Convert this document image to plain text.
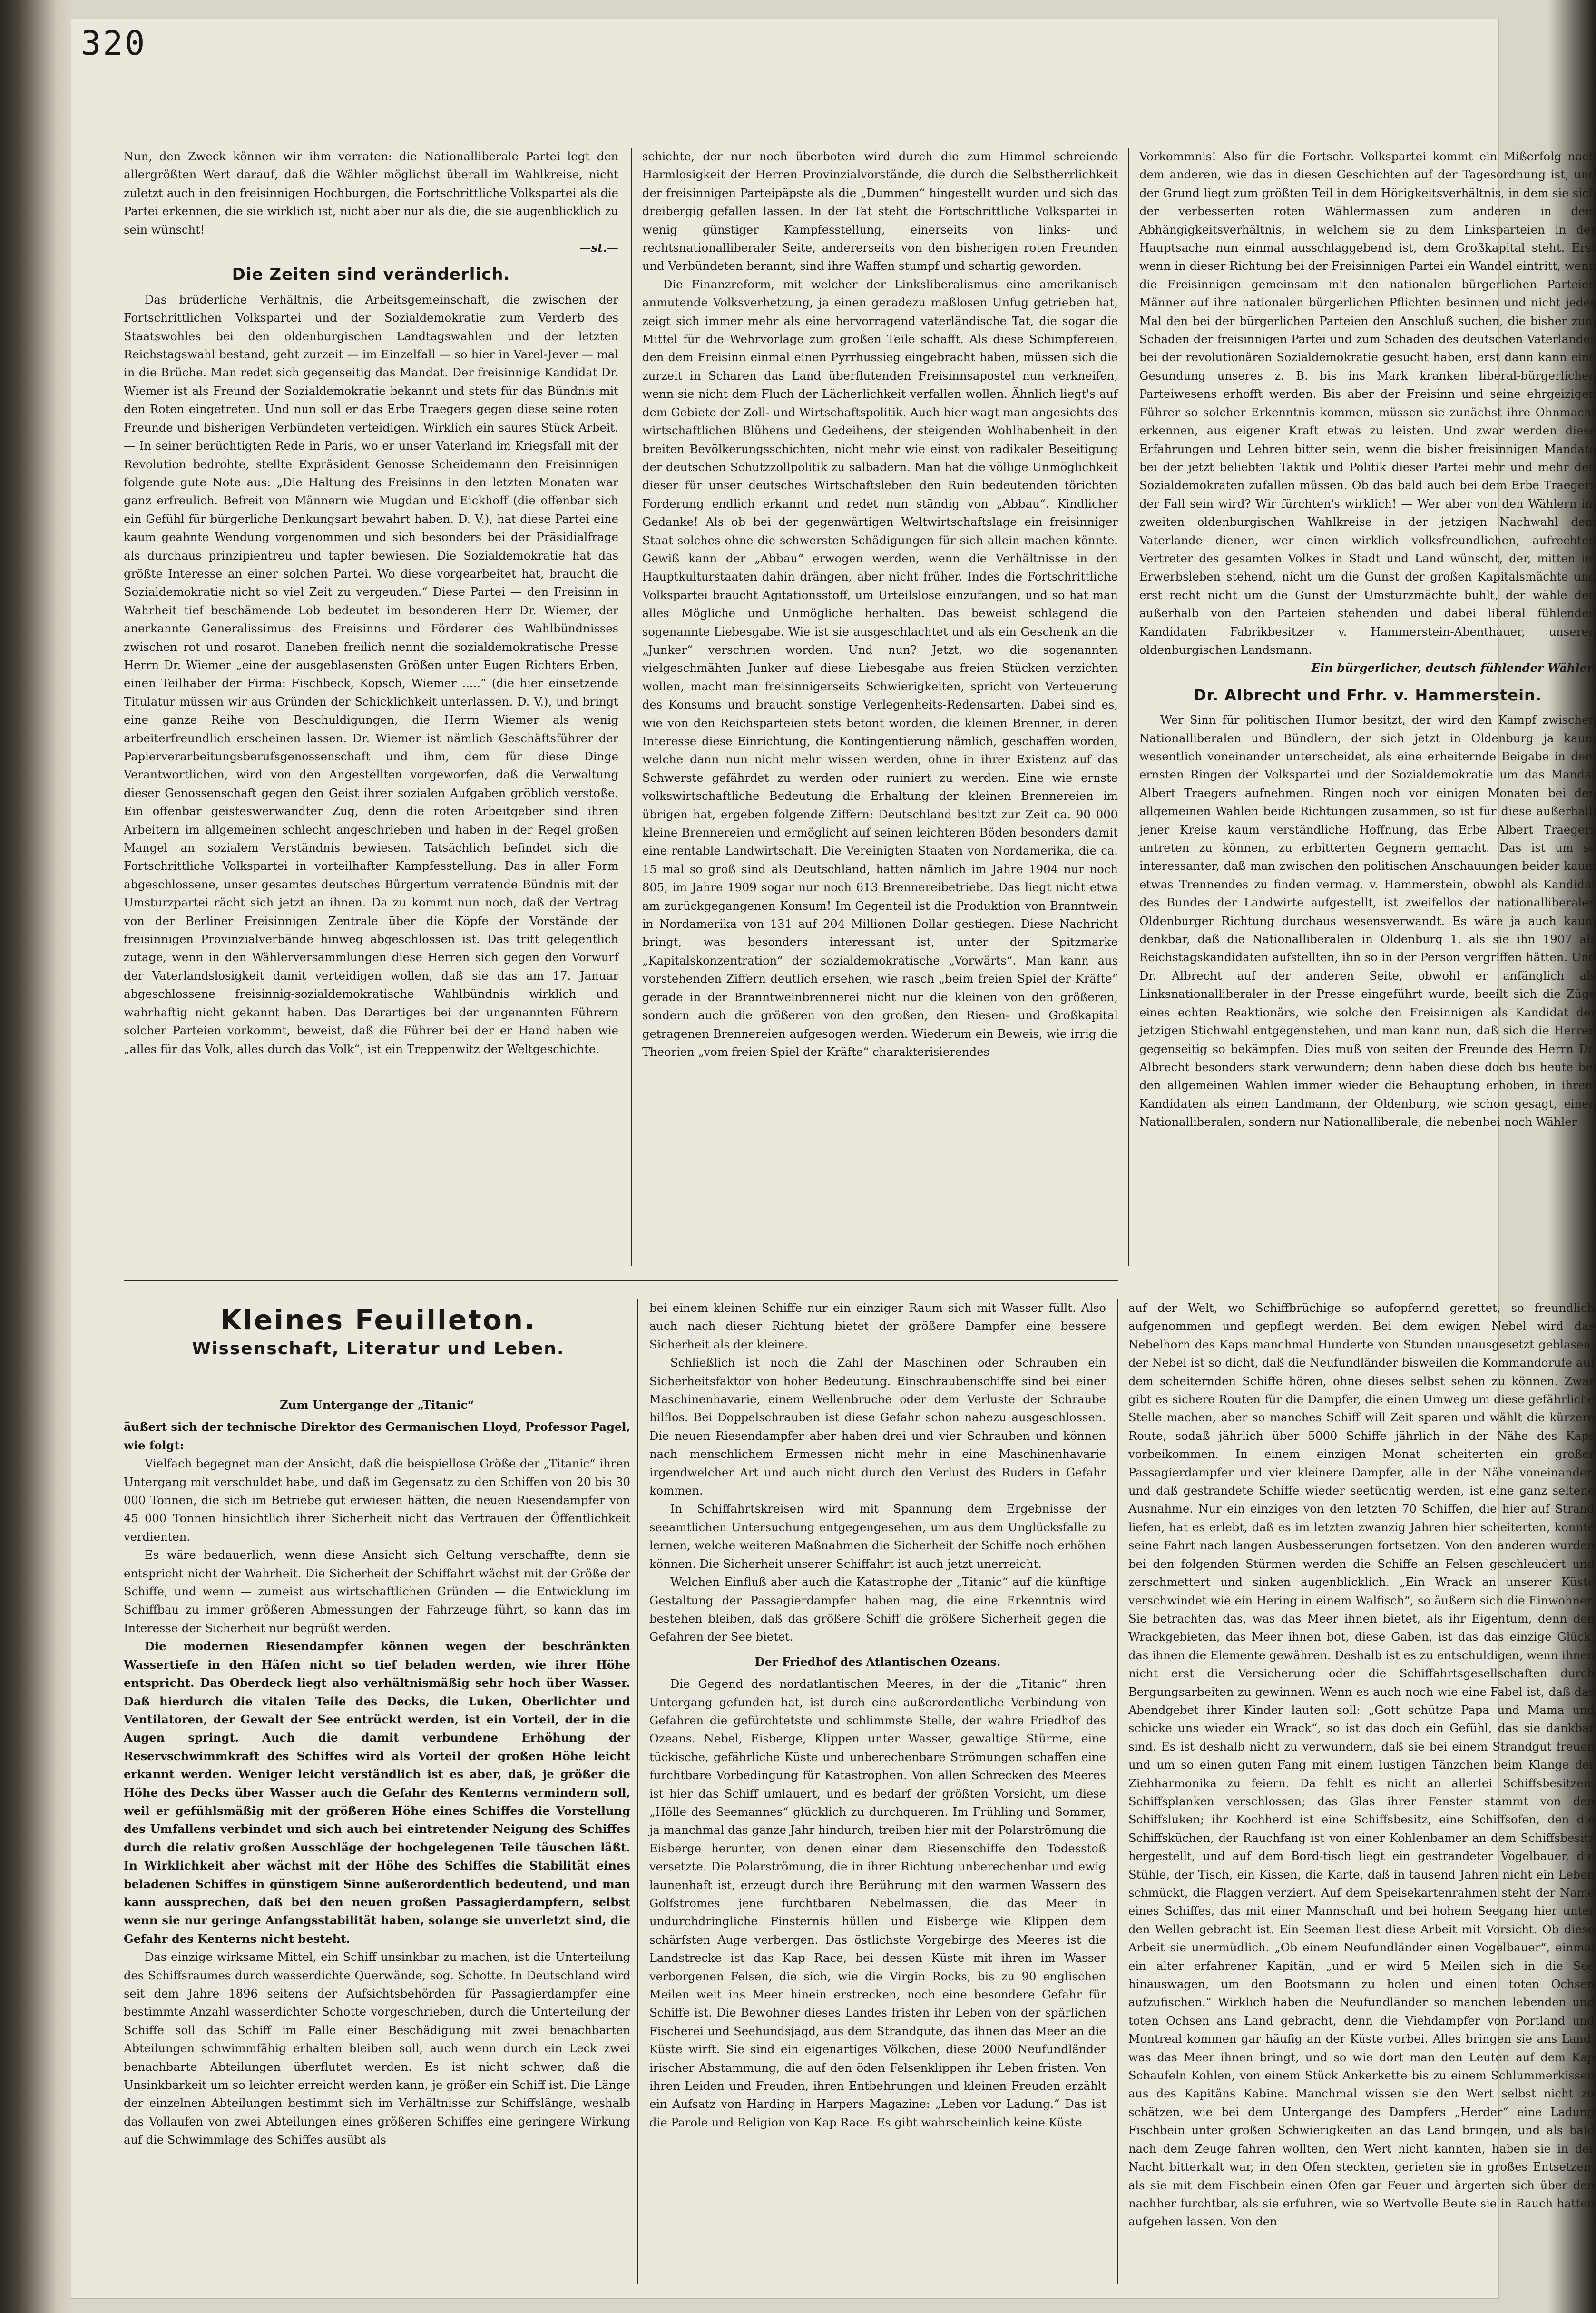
320

Nun, den Zweck können wir ihm verraten: die Nationalliberale Partei legt den allergrößten Wert darauf, daß die Wähler möglichst überall im Wahlkreise, nicht zuletzt auch in den freisinnigen Hochburgen, die Fortschrittliche Volkspartei als die Partei erkennen, die sie wirklich ist, nicht aber nur als die, die sie augenblicklich zu sein wünscht!

—st.—
Die Zeiten sind veränderlich.

Das brüderliche Verhältnis, die Arbeitsgemeinschaft, die zwischen der Fortschrittlichen Volkspartei und der Sozialdemokratie zum Verderb des Staatswohles bei den oldenburgischen Landtagswahlen und der letzten Reichstagswahl bestand, geht zurzeit — im Einzelfall — so hier in Varel-Jever — mal in die Brüche. Man redet sich gegenseitig das Mandat. Der freisinnige Kandidat Dr. Wiemer ist als Freund der Sozialdemokratie bekannt und stets für das Bündnis mit den Roten eingetreten. Und nun soll er das Erbe Traegers gegen diese seine roten Freunde und bisherigen Verbündeten verteidigen. Wirklich ein saures Stück Arbeit. — In seiner berüchtigten Rede in Paris, wo er unser Vaterland im Kriegsfall mit der Revolution bedrohte, stellte Expräsident Genosse Scheidemann den Freisinnigen folgende gute Note aus: „Die Haltung des Freisinns in den letzten Monaten war ganz erfreulich. Befreit von Männern wie Mugdan und Eickhoff (die offenbar sich ein Gefühl für bürgerliche Denkungsart bewahrt haben. D. V.), hat diese Partei eine kaum geahnte Wendung vorgenommen und sich besonders bei der Präsidialfrage als durchaus prinzipientreu und tapfer bewiesen. Die Sozialdemokratie hat das größte Interesse an einer solchen Partei. Wo diese vorgearbeitet hat, braucht die Sozialdemokratie nicht so viel Zeit zu vergeuden.“ Diese Partei — den Freisinn in Wahrheit tief beschämende Lob bedeutet im besonderen Herr Dr. Wiemer, der anerkannte Generalissimus des Freisinns und Förderer des Wahlbündnisses zwischen rot und rosarot. Daneben freilich nennt die sozialdemokratische Presse Herrn Dr. Wiemer „eine der ausgeblasensten Größen unter Eugen Richters Erben, einen Teilhaber der Firma: Fischbeck, Kopsch, Wiemer .....“ (die hier einsetzende Titulatur müssen wir aus Gründen der Schicklichkeit unterlassen. D. V.), und bringt eine ganze Reihe von Beschuldigungen, die Herrn Wiemer als wenig arbeiterfreundlich erscheinen lassen. Dr. Wiemer ist nämlich Geschäftsführer der Papierverarbeitungsberufsgenossenschaft und ihm, dem für diese Dinge Verantwortlichen, wird von den Angestellten vorgeworfen, daß die Verwaltung dieser Genossenschaft gegen den Geist ihrer sozialen Aufgaben gröblich verstoße. Ein offenbar geisteswerwandter Zug, denn die roten Arbeitgeber sind ihren Arbeitern im allgemeinen schlecht angeschrieben und haben in der Regel großen Mangel an sozialem Verständnis bewiesen. Tatsächlich befindet sich die Fortschrittliche Volkspartei in vorteilhafter Kampfesstellung. Das in aller Form abgeschlossene, unser gesamtes deutsches Bürgertum verratende Bündnis mit der Umsturzpartei rächt sich jetzt an ihnen. Da zu kommt nun noch, daß der Vertrag von der Berliner Freisinnigen Zentrale über die Köpfe der Vorstände der freisinnigen Provinzialverbände hinweg abgeschlossen ist. Das tritt gelegentlich zutage, wenn in den Wählerversammlungen diese Herren sich gegen den Vorwurf der Vaterlandslosigkeit damit verteidigen wollen, daß sie das am 17. Januar abgeschlossene freisinnig-sozialdemokratische Wahlbündnis wirklich und wahrhaftig nicht gekannt haben. Das Derartiges bei der ungenannten Führern solcher Parteien vorkommt, beweist, daß die Führer bei der er Hand haben wie „alles für das Volk, alles durch das Volk“, ist ein Treppenwitz der Weltgeschichte.

schichte, der nur noch überboten wird durch die zum Himmel schreiende Harmlosigkeit der Herren Provinzialvorstände, die durch die Selbstherrlichkeit der freisinnigen Parteipäpste als die „Dummen“ hingestellt wurden und sich das dreibergig gefallen lassen. In der Tat steht die Fortschrittliche Volkspartei in wenig günstiger Kampfesstellung, einerseits von links- und rechtsnationalliberaler Seite, andererseits von den bisherigen roten Freunden und Verbündeten berannt, sind ihre Waffen stumpf und schartig geworden.

Die Finanzreform, mit welcher der Linksliberalismus eine amerikanisch anmutende Volksverhetzung, ja einen geradezu maßlosen Unfug getrieben hat, zeigt sich immer mehr als eine hervorragend vaterländische Tat, die sogar die Mittel für die Wehrvorlage zum großen Teile schafft. Als diese Schimpfereien, den dem Freisinn einmal einen Pyrrhussieg eingebracht haben, müssen sich die zurzeit in Scharen das Land überflutenden Freisinnsapostel nun verkneifen, wenn sie nicht dem Fluch der Lächerlichkeit verfallen wollen. Ähnlich liegt's auf dem Gebiete der Zoll- und Wirtschaftspolitik. Auch hier wagt man angesichts des wirtschaftlichen Blühens und Gedeihens, der steigenden Wohlhabenheit in den breiten Bevölkerungsschichten, nicht mehr wie einst von radikaler Beseitigung der deutschen Schutzzollpolitik zu salbadern. Man hat die völlige Unmöglichkeit dieser für unser deutsches Wirtschaftsleben den Ruin bedeutenden törichten Forderung endlich erkannt und redet nun ständig von „Abbau“. Kindlicher Gedanke! Als ob bei der gegenwärtigen Weltwirtschaftslage ein freisinniger Staat solches ohne die schwersten Schädigungen für sich allein machen könnte. Gewiß kann der „Abbau“ erwogen werden, wenn die Verhältnisse in den Hauptkulturstaaten dahin drängen, aber nicht früher. Indes die Fortschrittliche Volkspartei braucht Agitationsstoff, um Urteilslose einzufangen, und so hat man alles Mögliche und Unmögliche herhalten. Das beweist schlagend die sogenannte Liebesgabe. Wie ist sie ausgeschlachtet und als ein Geschenk an die „Junker“ verschrien worden. Und nun? Jetzt, wo die sogenannten vielgeschmähten Junker auf diese Liebesgabe aus freien Stücken verzichten wollen, macht man freisinnigerseits Schwierigkeiten, spricht von Verteuerung des Konsums und braucht sonstige Verlegenheits-Redensarten. Dabei sind es, wie von den Reichsparteien stets betont worden, die kleinen Brenner, in deren Interesse diese Einrichtung, die Kontingentierung nämlich, geschaffen worden, welche dann nun nicht mehr wissen werden, ohne in ihrer Existenz auf das Schwerste gefährdet zu werden oder ruiniert zu werden. Eine wie ernste volkswirtschaftliche Bedeutung die Erhaltung der kleinen Brennereien im übrigen hat, ergeben folgende Ziffern: Deutschland besitzt zur Zeit ca. 90 000 kleine Brennereien und ermöglicht auf seinen leichteren Böden besonders damit eine rentable Landwirtschaft. Die Vereinigten Staaten von Nordamerika, die ca. 15 mal so groß sind als Deutschland, hatten nämlich im Jahre 1904 nur noch 805, im Jahre 1909 sogar nur noch 613 Brennereibetriebe. Das liegt nicht etwa am zurückgegangenen Konsum! Im Gegenteil ist die Produktion von Branntwein in Nordamerika von 131 auf 204 Millionen Dollar gestiegen. Diese Nachricht bringt, was besonders interessant ist, unter der Spitzmarke „Kapitalskonzentration“ der sozialdemokratische „Vorwärts“. Man kann aus vorstehenden Ziffern deutlich ersehen, wie rasch „beim freien Spiel der Kräfte“ gerade in der Branntweinbrennerei nicht nur die kleinen von den größeren, sondern auch die größeren von den großen, den Riesen- und Großkapital getragenen Brennereien aufgesogen werden. Wiederum ein Beweis, wie irrig die Theorien „vom freien Spiel der Kräfte“ charakterisierendes

Vorkommnis! Also für die Fortschr. Volkspartei kommt ein Mißerfolg nach dem anderen, wie das in diesen Geschichten auf der Tagesordnung ist, und der Grund liegt zum größten Teil in dem Hörigkeitsverhältnis, in dem sie sich der verbesserten roten Wählermassen zum anderen in dem Abhängigkeitsverhältnis, in welchem sie zu dem Linksparteien in der Hauptsache nun einmal ausschlaggebend ist, dem Großkapital steht. Erst wenn in dieser Richtung bei der Freisinnigen Partei ein Wandel eintritt, wenn die Freisinnigen gemeinsam mit den nationalen bürgerlichen Parteien Männer auf ihre nationalen bürgerlichen Pflichten besinnen und nicht jedes Mal den bei der bürgerlichen Parteien den Anschluß suchen, die bisher zum Schaden der freisinnigen Partei und zum Schaden des deutschen Vaterlandes bei der revolutionären Sozialdemokratie gesucht haben, erst dann kann eine Gesundung unseres z. B. bis ins Mark kranken liberal-bürgerlichen Parteiwesens erhofft werden. Bis aber der Freisinn und seine ehrgeizigen Führer so solcher Erkenntnis kommen, müssen sie zunächst ihre Ohnmacht erkennen, aus eigener Kraft etwas zu leisten. Und zwar werden diese Erfahrungen und Lehren bitter sein, wenn die bisher freisinnigen Mandate bei der jetzt beliebten Taktik und Politik dieser Partei mehr und mehr den Sozialdemokraten zufallen müssen. Ob das bald auch bei dem Erbe Traegers der Fall sein wird? Wir fürchten's wirklich! — Wer aber von den Wählern im zweiten oldenburgischen Wahlkreise in der jetzigen Nachwahl dem Vaterlande dienen, wer einen wirklich volksfreundlichen, aufrechten Vertreter des gesamten Volkes in Stadt und Land wünscht, der, mitten im Erwerbsleben stehend, nicht um die Gunst der großen Kapitalsmächte und erst recht nicht um die Gunst der Umsturzmächte buhlt, der wähle den außerhalb von den Parteien stehenden und dabei liberal fühlenden Kandidaten Fabrikbesitzer v. Hammerstein-Abenthauer, unseren oldenburgischen Landsmann.

Ein bürgerlicher, deutsch fühlender Wähler.
Dr. Albrecht und Frhr. v. Hammerstein.

Wer Sinn für politischen Humor besitzt, der wird den Kampf zwischen Nationalliberalen und Bündlern, der sich jetzt in Oldenburg ja kaum wesentlich voneinander unterscheidet, als eine erheiternde Beigabe in dem ernsten Ringen der Volkspartei und der Sozialdemokratie um das Mandat Albert Traegers aufnehmen. Ringen noch vor einigen Monaten bei den allgemeinen Wahlen beide Richtungen zusammen, so ist für diese außerhalb jener Kreise kaum verständliche Hoffnung, das Erbe Albert Traegers antreten zu können, zu erbitterten Gegnern gemacht. Das ist um so interessanter, daß man zwischen den politischen Anschauungen beider kaum etwas Trennendes zu finden vermag. v. Hammerstein, obwohl als Kandidat des Bundes der Landwirte aufgestellt, ist zweifellos der nationalliberalen Oldenburger Richtung durchaus wesensverwandt. Es wäre ja auch kaum denkbar, daß die Nationalliberalen in Oldenburg 1. als sie ihn 1907 als Reichstagskandidaten aufstellten, ihn so in der Person vergriffen hätten. Und Dr. Albrecht auf der anderen Seite, obwohl er anfänglich als Linksnationalliberaler in der Presse eingeführt wurde, beeilt sich die Züge eines echten Reaktionärs, wie solche den Freisinnigen als Kandidat der jetzigen Stichwahl entgegenstehen, und man kann nun, daß sich die Herren gegenseitig so bekämpfen. Dies muß von seiten der Freunde des Herrn Dr. Albrecht besonders stark verwundern; denn haben diese doch bis heute bei den allgemeinen Wahlen immer wieder die Behauptung erhoben, in ihrem Kandidaten als einen Landmann, der Oldenburg, wie schon gesagt, einen Nationalliberalen, sondern nur Nationalliberale, die nebenbei noch Wähler

Kleines Feuilleton.
Wissenschaft, Literatur und Leben.
Zum Untergange der „Titanic“

äußert sich der technische Direktor des Germanischen Lloyd, Professor Pagel, wie folgt:

Vielfach begegnet man der Ansicht, daß die beispiellose Größe der „Titanic“ ihren Untergang mit verschuldet habe, und daß im Gegensatz zu den Schiffen von 20 bis 30 000 Tonnen, die sich im Betriebe gut erwiesen hätten, die neuen Riesendampfer von 45 000 Tonnen hinsichtlich ihrer Sicherheit nicht das Vertrauen der Öffentlichkeit verdienten.

Es wäre bedauerlich, wenn diese Ansicht sich Geltung verschaffte, denn sie entspricht nicht der Wahrheit. Die Sicherheit der Schiffahrt wächst mit der Größe der Schiffe, und wenn — zumeist aus wirtschaftlichen Gründen — die Entwicklung im Schiffbau zu immer größeren Abmessungen der Fahrzeuge führt, so kann das im Interesse der Sicherheit nur begrüßt werden.

Die modernen Riesendampfer können wegen der beschränkten Wassertiefe in den Häfen nicht so tief beladen werden, wie ihrer Höhe entspricht. Das Oberdeck liegt also verhältnismäßig sehr hoch über Wasser. Daß hierdurch die vitalen Teile des Decks, die Luken, Oberlichter und Ventilatoren, der Gewalt der See entrückt werden, ist ein Vorteil, der in die Augen springt. Auch die damit verbundene Erhöhung der Reservschwimmkraft des Schiffes wird als Vorteil der großen Höhe leicht erkannt werden. Weniger leicht verständlich ist es aber, daß, je größer die Höhe des Decks über Wasser auch die Gefahr des Kenterns vermindern soll, weil er gefühlsmäßig mit der größeren Höhe eines Schiffes die Vorstellung des Umfallens verbindet und sich auch bei eintretender Neigung des Schiffes durch die relativ großen Ausschläge der hochgelegenen Teile täuschen läßt. In Wirklichkeit aber wächst mit der Höhe des Schiffes die Stabilität eines beladenen Schiffes in günstigem Sinne außerordentlich bedeutend, und man kann aussprechen, daß bei den neuen großen Passagierdampfern, selbst wenn sie nur geringe Anfangsstabilität haben, solange sie unverletzt sind, die Gefahr des Kenterns nicht besteht.

Das einzige wirksame Mittel, ein Schiff unsinkbar zu machen, ist die Unterteilung des Schiffsraumes durch wasserdichte Querwände, sog. Schotte. In Deutschland wird seit dem Jahre 1896 seitens der Aufsichtsbehörden für Passagierdampfer eine bestimmte Anzahl wasserdichter Schotte vorgeschrieben, durch die Unterteilung der Schiffe soll das Schiff im Falle einer Beschädigung mit zwei benachbarten Abteilungen schwimmfähig erhalten bleiben soll, auch wenn durch ein Leck zwei benachbarte Abteilungen überflutet werden. Es ist nicht schwer, daß die Unsinkbarkeit um so leichter erreicht werden kann, je größer ein Schiff ist. Die Länge der einzelnen Abteilungen bestimmt sich im Verhältnisse zur Schiffslänge, weshalb das Vollaufen von zwei Abteilungen eines größeren Schiffes eine geringere Wirkung auf die Schwimmlage des Schiffes ausübt als

bei einem kleinen Schiffe nur ein einziger Raum sich mit Wasser füllt. Also auch nach dieser Richtung bietet der größere Dampfer eine bessere Sicherheit als der kleinere.

Schließlich ist noch die Zahl der Maschinen oder Schrauben ein Sicherheitsfaktor von hoher Bedeutung. Einschraubenschiffe sind bei einer Maschinenhavarie, einem Wellenbruche oder dem Verluste der Schraube hilflos. Bei Doppelschrauben ist diese Gefahr schon nahezu ausgeschlossen. Die neuen Riesendampfer aber haben drei und vier Schrauben und können nach menschlichem Ermessen nicht mehr in eine Maschinenhavarie irgendwelcher Art und auch nicht durch den Verlust des Ruders in Gefahr kommen.

In Schiffahrtskreisen wird mit Spannung dem Ergebnisse der seeamtlichen Untersuchung entgegengesehen, um aus dem Unglücksfalle zu lernen, welche weiteren Maßnahmen die Sicherheit der Schiffe noch erhöhen können. Die Sicherheit unserer Schiffahrt ist auch jetzt unerreicht.

Welchen Einfluß aber auch die Katastrophe der „Titanic“ auf die künftige Gestaltung der Passagierdampfer haben mag, die eine Erkenntnis wird bestehen bleiben, daß das größere Schiff die größere Sicherheit gegen die Gefahren der See bietet.

Der Friedhof des Atlantischen Ozeans.

Die Gegend des nordatlantischen Meeres, in der die „Titanic“ ihren Untergang gefunden hat, ist durch eine außerordentliche Verbindung von Gefahren die gefürchtetste und schlimmste Stelle, der wahre Friedhof des Ozeans. Nebel, Eisberge, Klippen unter Wasser, gewaltige Stürme, eine tückische, gefährliche Küste und unberechenbare Strömungen schaffen eine furchtbare Vorbedingung für Katastrophen. Von allen Schrecken des Meeres ist hier das Schiff umlauert, und es bedarf der größten Vorsicht, um diese „Hölle des Seemannes“ glücklich zu durchqueren. Im Frühling und Sommer, ja manchmal das ganze Jahr hindurch, treiben hier mit der Polarströmung die Eisberge herunter, von denen einer dem Riesenschiffe den Todesstoß versetzte. Die Polarströmung, die in ihrer Richtung unberechenbar und ewig launenhaft ist, erzeugt durch ihre Berührung mit den warmen Wassern des Golfstromes jene furchtbaren Nebelmassen, die das Meer in undurchdringliche Finsternis hüllen und Eisberge wie Klippen dem schärfsten Auge verbergen. Das östlichste Vorgebirge des Meeres ist die Landstrecke ist das Kap Race, bei dessen Küste mit ihren im Wasser verborgenen Felsen, die sich, wie die Virgin Rocks, bis zu 90 englischen Meilen weit ins Meer hinein erstrecken, noch eine besondere Gefahr für Schiffe ist. Die Bewohner dieses Landes fristen ihr Leben von der spärlichen Fischerei und Seehundsjagd, aus dem Strandgute, das ihnen das Meer an die Küste wirft. Sie sind ein eigenartiges Völkchen, diese 2000 Neufundländer irischer Abstammung, die auf den öden Felsenklippen ihr Leben fristen. Von ihren Leiden und Freuden, ihren Entbehrungen und kleinen Freuden erzählt ein Aufsatz von Harding in Harpers Magazine: „Leben vor Ladung.“ Das ist die Parole und Religion von Kap Race. Es gibt wahrscheinlich keine Küste

auf der Welt, wo Schiffbrüchige so aufopfernd gerettet, so freundlich aufgenommen und gepflegt werden. Bei dem ewigen Nebel wird das Nebelhorn des Kaps manchmal Hunderte von Stunden unausgesetzt geblasen; der Nebel ist so dicht, daß die Neufundländer bisweilen die Kommandorufe auf dem scheiternden Schiffe hören, ohne dieses selbst sehen zu können. Zwar gibt es sichere Routen für die Dampfer, die einen Umweg um diese gefährliche Stelle machen, aber so manches Schiff will Zeit sparen und wählt die kürzere Route, sodaß jährlich über 5000 Schiffe jährlich in der Nähe des Kaps vorbeikommen. In einem einzigen Monat scheiterten ein großer Passagierdampfer und vier kleinere Dampfer, alle in der Nähe voneinander, und daß gestrandete Schiffe wieder seetüchtig werden, ist eine ganz seltene Ausnahme. Nur ein einziges von den letzten 70 Schiffen, die hier auf Strand liefen, hat es erlebt, daß es im letzten zwanzig Jahren hier scheiterten, konnte seine Fahrt nach langen Ausbesserungen fortsetzen. Von den anderen wurden bei den folgenden Stürmen werden die Schiffe an Felsen geschleudert und zerschmettert und sinken augenblicklich. „Ein Wrack an unserer Küste verschwindet wie ein Hering in einem Walfisch“, so äußern sich die Einwohner. Sie betrachten das, was das Meer ihnen bietet, als ihr Eigentum, denn den Wrackgebieten, das Meer ihnen bot, diese Gaben, ist das das einzige Glück, das ihnen die Elemente gewähren. Deshalb ist es zu entschuldigen, wenn ihnen nicht erst die Versicherung oder die Schiffahrtsgesellschaften durch Bergungsarbeiten zu gewinnen. Wenn es auch noch wie eine Fabel ist, daß das Abendgebet ihrer Kinder lauten soll: „Gott schütze Papa und Mama und schicke uns wieder ein Wrack“, so ist das doch ein Gefühl, das sie dankbar sind. Es ist deshalb nicht zu verwundern, daß sie bei einem Strandgut freuen und um so einen guten Fang mit einem lustigen Tänzchen beim Klange der Ziehharmonika zu feiern. Da fehlt es nicht an allerlei Schiffsbesitzen, Schiffsplanken verschlossen; das Glas ihrer Fenster stammt von den Schiffsluken; ihr Kochherd ist eine Schiffsbesitz, eine Schiffsofen, den die Schiffsküchen, der Rauchfang ist von einer Kohlenbamer an dem Schiffsbesitz hergestellt, und auf dem Bord-tisch liegt ein gestrandeter Vogelbauer, die Stühle, der Tisch, ein Kissen, die Karte, daß in tausend Jahren nicht ein Leben schmückt, die Flaggen verziert. Auf dem Speisekartenrahmen steht der Name eines Schiffes, das mit einer Mannschaft und bei hohem Seegang hier unter den Wellen gebracht ist. Ein Seeman liest diese Arbeit mit Vorsicht. Ob diese Arbeit sie unermüdlich. „Ob einem Neufundländer einen Vogelbauer“, einmal ein alter erfahrener Kapitän, „und er wird 5 Meilen sich in die See hinauswagen, um den Bootsmann zu holen und einen toten Ochsen aufzufischen.“ Wirklich haben die Neufundländer so manchen lebenden und toten Ochsen ans Land gebracht, denn die Viehdampfer von Portland und Montreal kommen gar häufig an der Küste vorbei. Alles bringen sie ans Land, was das Meer ihnen bringt, und so wie dort man den Leuten auf dem Kap Schaufeln Kohlen, von einem Stück Ankerkette bis zu einem Schlummerkissen aus des Kapitäns Kabine. Manchmal wissen sie den Wert selbst nicht zu schätzen, wie bei dem Untergange des Dampfers „Herder“ eine Ladung Fischbein unter großen Schwierigkeiten an das Land bringen, und als bald nach dem Zeuge fahren wollten, den Wert nicht kannten, haben sie in der Nacht bitterkalt war, in den Ofen steckten, gerieten sie in großes Entsetzen, als sie mit dem Fischbein einen Ofen gar Feuer und ärgerten sich über den nachher furchtbar, als sie erfuhren, wie so Wertvolle Beute sie in Rauch hatten aufgehen lassen. Von den
